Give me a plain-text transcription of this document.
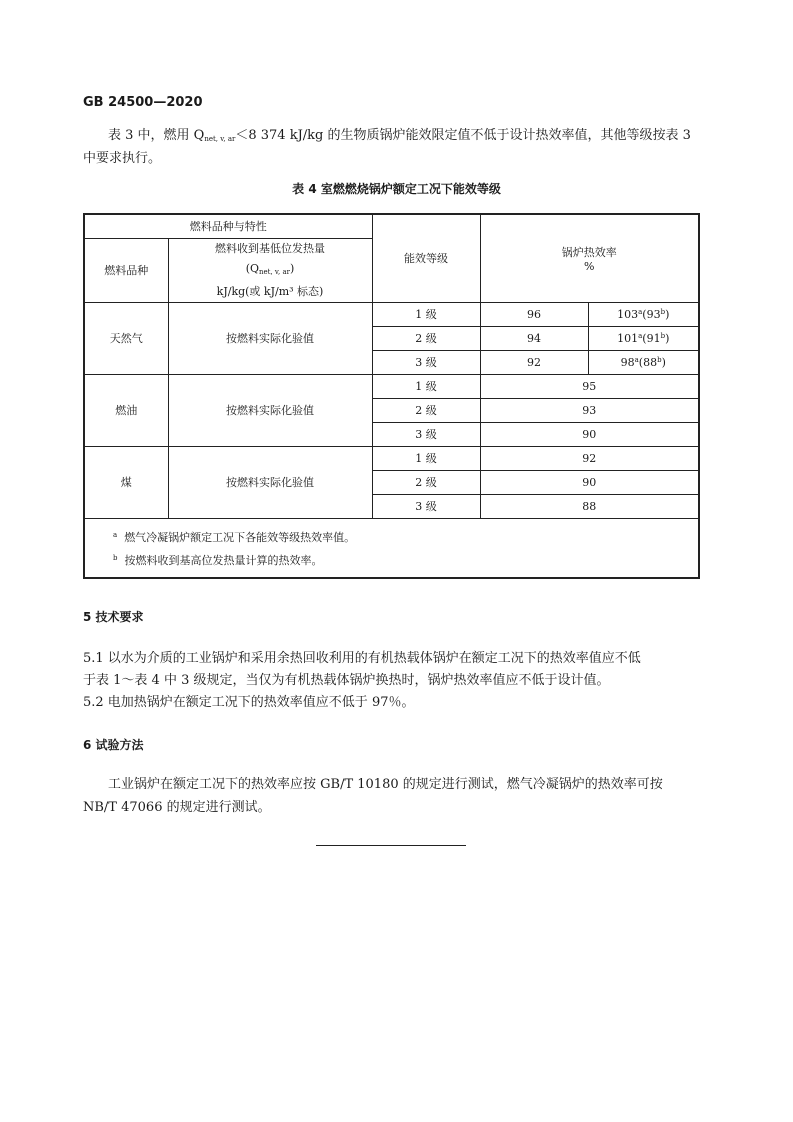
GB 24500—2020
表 3 中，燃用 $Q_{net, v, ar}<8$ 374 kJ/kg 的生物质锅炉能效限定值不低于设计热效率值，其他等级按表 3
中要求执行。
表 4 室燃燃烧锅炉额定工况下能效等级
燃料品种与特性		能效等级	锅炉热效率
%	

燃料品种	燃料收到基低位发热量
$(Q_{net, v, ar})$
kJ/kg(或 kJ/m³ 标态)			

天然气	按燃料实际化验值	1 级	96	103$^a$(93$^b$)
		2 级	94	101$^a$(91$^b$)
		3 级	92	98$^a$(88$^b$)
燃油	按燃料实际化验值	1 级	95	
		2 级	93	
		3 级	90	
煤	按燃料实际化验值	1 级	92	
		2 级	90	
		3 级	88	

$^a$ 燃气冷凝锅炉额定工况下各能效等级热效率值。
$^b$ 按燃料收到基高位发热量计算的热效率。				
5 技术要求
5.1 以水为介质的工业锅炉和采用余热回收利用的有机热载体锅炉在额定工况下的热效率值应不低
于表 1～表 4 中 3 级规定，当仅为有机热载体锅炉换热时，锅炉热效率值应不低于设计值。
5.2 电加热锅炉在额定工况下的热效率值应不低于 97％。
6 试验方法
工业锅炉在额定工况下的热效率应按 GB/T 10180 的规定进行测试，燃气冷凝锅炉的热效率可按
NB/T 47066 的规定进行测试。
